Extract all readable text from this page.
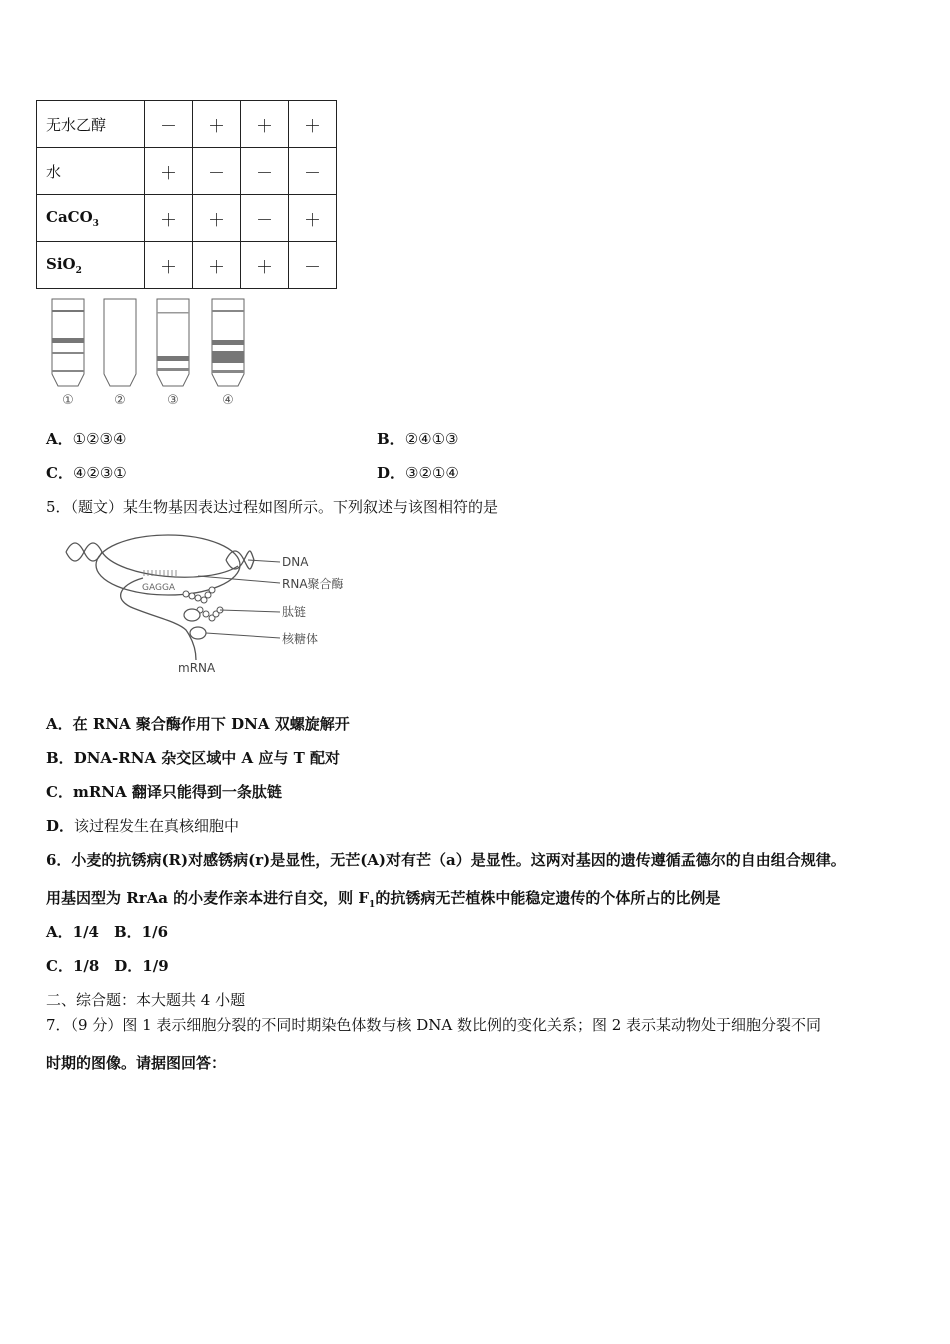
无水乙醇	－	＋	＋	＋
水	＋	－	－	－
CaCO$_3$	＋	＋	－	＋
SiO$_2$	＋	＋	＋	－
①	②	③	④
A．①②③④	B．②④①③
C．④②③①	D．③②①④
5．（题文）某生物基因表达过程如图所示。下列叙述与该图相符的是
GAGGA
DNA
RNA聚合酶
肽链
核糖体
mRNA
A．在 RNA 聚合酶作用下 DNA 双螺旋解开
B．DNA-RNA 杂交区域中 A 应与 T 配对
C．mRNA 翻译只能得到一条肽链
D．该过程发生在真核细胞中
6．小麦的抗锈病(R)对感锈病(r)是显性，无芒(A)对有芒（a）是显性。这两对基因的遗传遵循孟德尔的自由组合规律。
用基因型为 RrAa 的小麦作亲本进行自交，则 $F_1$的抗锈病无芒植株中能稳定遗传的个体所占的比例是
A．1/4　B．1/6
C．1/8　D．1/9
二、综合题：本大题共 4 小题
7．（9 分）图 1 表示细胞分裂的不同时期染色体数与核 DNA 数比例的变化关系；图 2 表示某动物处于细胞分裂不同
时期的图像。请据图回答：
